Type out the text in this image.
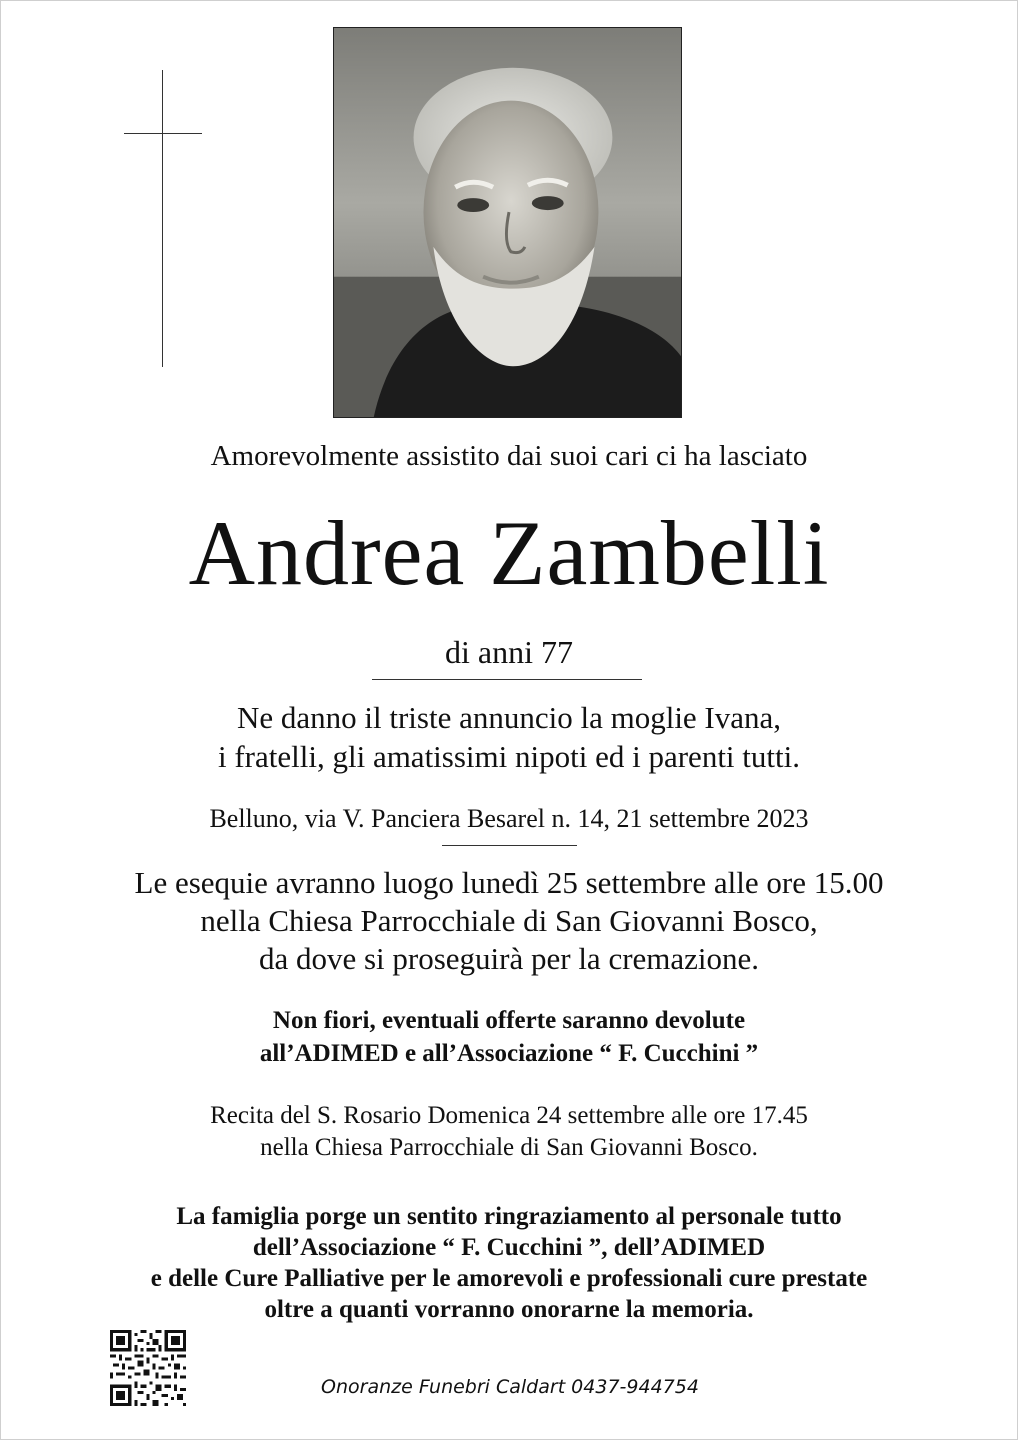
Amorevolmente assistito dai suoi cari ci ha lasciato
Andrea Zambelli
di anni 77
Ne danno il triste annuncio la moglie Ivana,
i fratelli, gli amatissimi nipoti ed i parenti tutti.
Belluno, via V. Panciera Besarel n. 14, 21 settembre 2023
Le esequie avranno luogo lunedì 25 settembre alle ore 15.00
nella Chiesa Parrocchiale di San Giovanni Bosco,
da dove si proseguirà per la cremazione.
Non fiori, eventuali offerte saranno devolute
all’ADIMED e all’Associazione “ F. Cucchini ”
Recita del S. Rosario Domenica 24 settembre alle ore 17.45
nella Chiesa Parrocchiale di San Giovanni Bosco.
La famiglia porge un sentito ringraziamento al personale tutto
dell’Associazione “ F. Cucchini ”, dell’ADIMED
e delle Cure Palliative per le amorevoli e professionali cure prestate
oltre a quanti vorranno onorarne la memoria.
Onoranze Funebri Caldart 0437-944754
